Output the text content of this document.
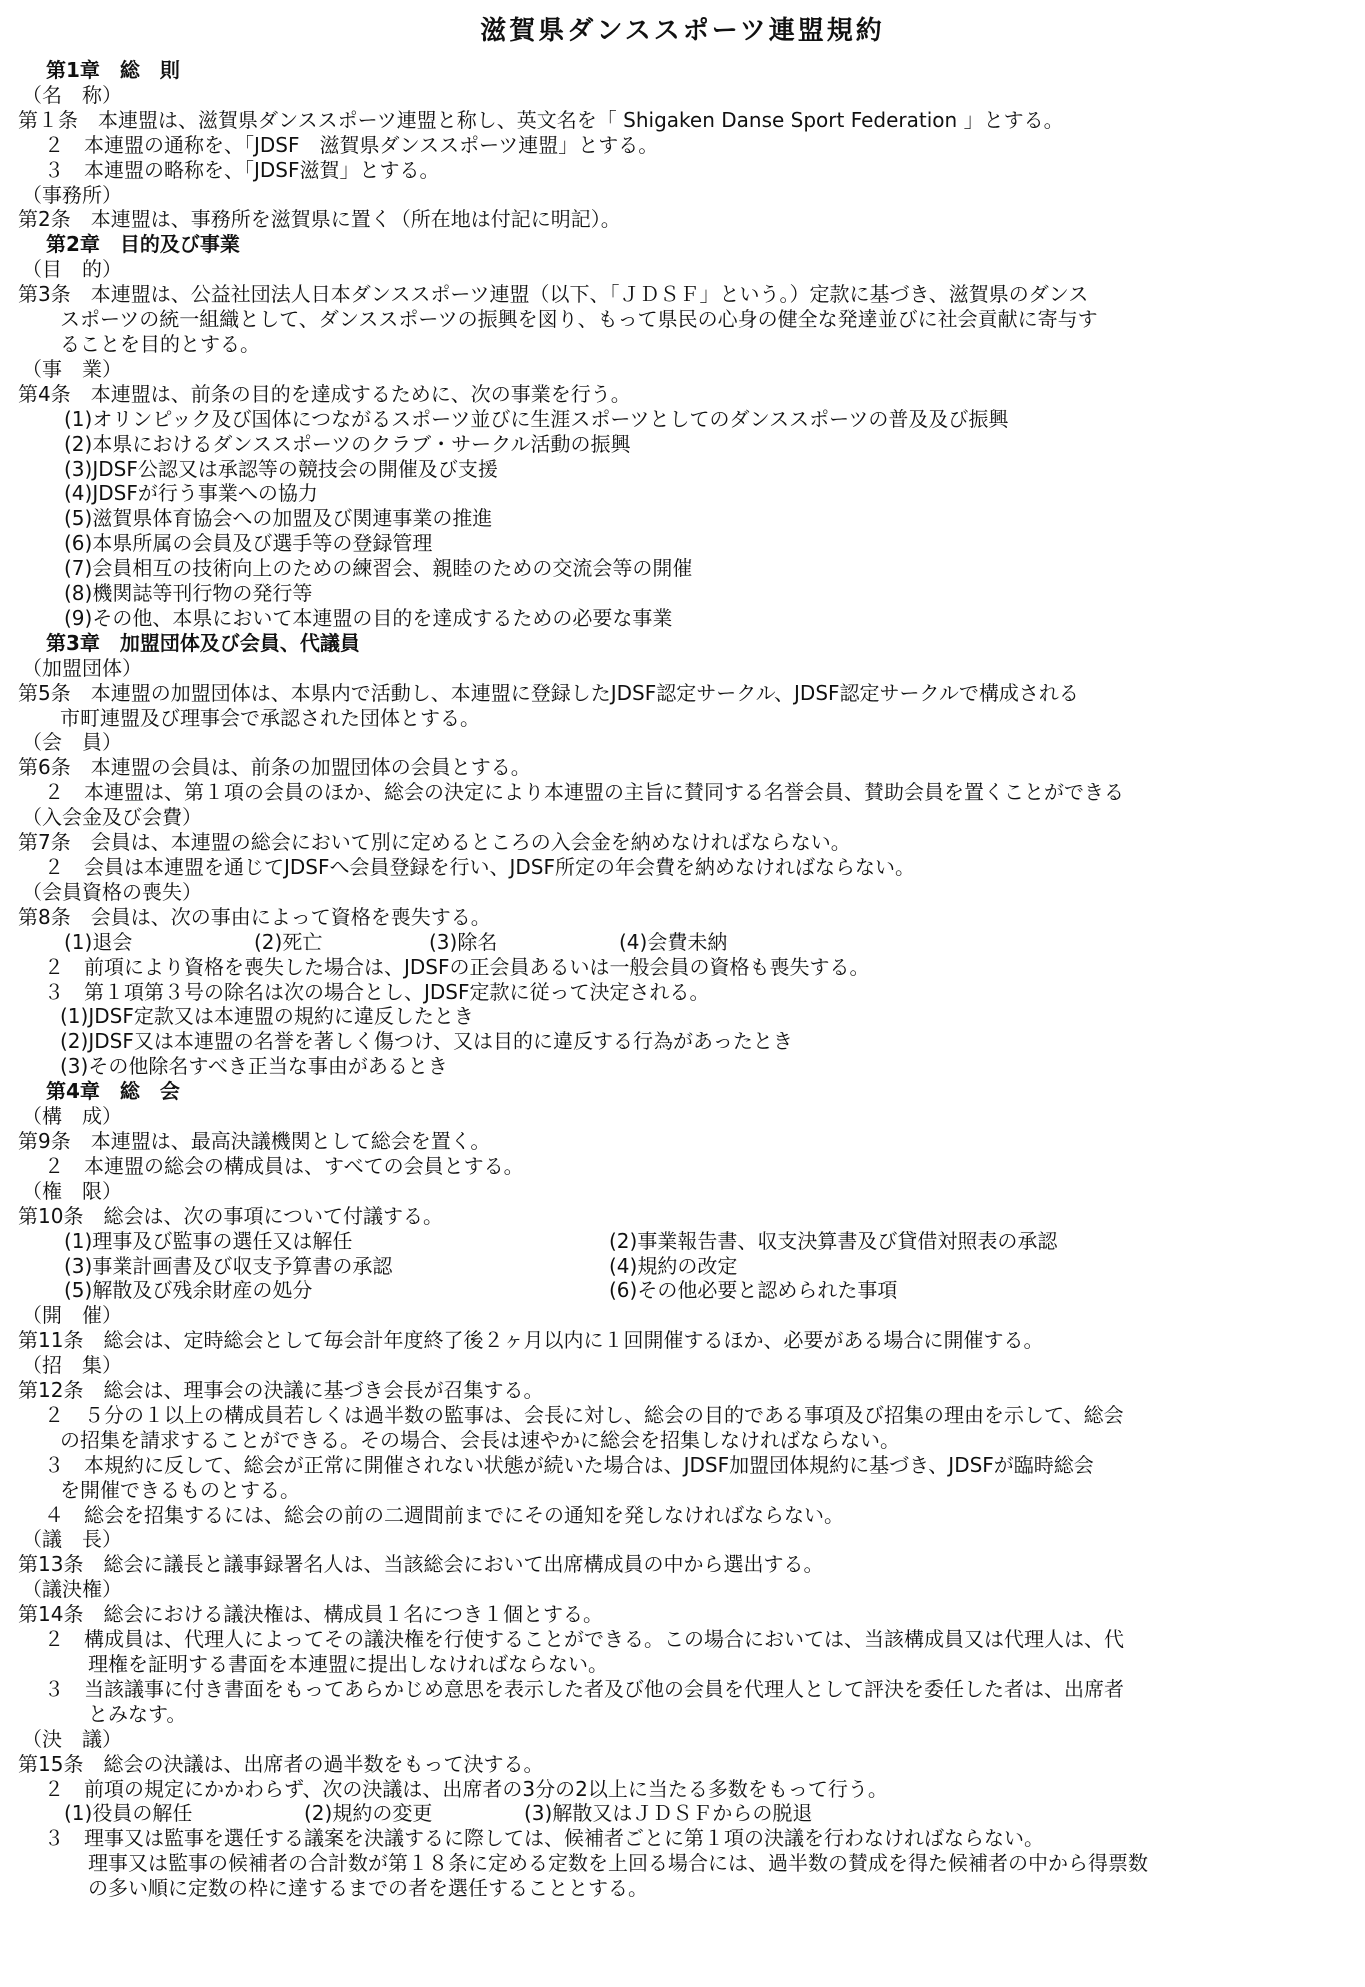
滋賀県ダンススポーツ連盟規約
第1章　総　則
（名　称）
第１条　本連盟は、滋賀県ダンススポーツ連盟と称し、英文名を「 Shigaken Danse Sport Federation 」とする。
２　本連盟の通称を、「JDSF　滋賀県ダンススポーツ連盟」とする。
３　本連盟の略称を、「JDSF滋賀」とする。
（事務所）
第2条　本連盟は、事務所を滋賀県に置く（所在地は付記に明記）。
第2章　目的及び事業
（目　的）
第3条　本連盟は、公益社団法人日本ダンススポーツ連盟（以下、「ＪＤＳＦ」という。）定款に基づき、滋賀県のダンス
スポーツの統一組織として、ダンススポーツの振興を図り、もって県民の心身の健全な発達並びに社会貢献に寄与す
ることを目的とする。
（事　業）
第4条　本連盟は、前条の目的を達成するために、次の事業を行う。
(1)オリンピック及び国体につながるスポーツ並びに生涯スポーツとしてのダンススポーツの普及及び振興
(2)本県におけるダンススポーツのクラブ・サークル活動の振興
(3)JDSF公認又は承認等の競技会の開催及び支援
(4)JDSFが行う事業への協力
(5)滋賀県体育協会への加盟及び関連事業の推進
(6)本県所属の会員及び選手等の登録管理
(7)会員相互の技術向上のための練習会、親睦のための交流会等の開催
(8)機関誌等刊行物の発行等
(9)その他、本県において本連盟の目的を達成するための必要な事業
第3章　加盟団体及び会員、代議員
（加盟団体）
第5条　本連盟の加盟団体は、本県内で活動し、本連盟に登録したJDSF認定サークル、JDSF認定サークルで構成される
市町連盟及び理事会で承認された団体とする。
（会　員）
第6条　本連盟の会員は、前条の加盟団体の会員とする。
２　本連盟は、第１項の会員のほか、総会の決定により本連盟の主旨に賛同する名誉会員、賛助会員を置くことができる
（入会金及び会費）
第7条　会員は、本連盟の総会において別に定めるところの入会金を納めなければならない。
２　会員は本連盟を通じてJDSFへ会員登録を行い、JDSF所定の年会費を納めなければならない。
（会員資格の喪失）
第8条　会員は、次の事由によって資格を喪失する。
(1)退会	(2)死亡	(3)除名	(4)会費未納
２　前項により資格を喪失した場合は、JDSFの正会員あるいは一般会員の資格も喪失する。
３　第１項第３号の除名は次の場合とし、JDSF定款に従って決定される。
(1)JDSF定款又は本連盟の規約に違反したとき
(2)JDSF又は本連盟の名誉を著しく傷つけ、又は目的に違反する行為があったとき
(3)その他除名すべき正当な事由があるとき
第4章　総　会
（構　成）
第9条　本連盟は、最高決議機関として総会を置く。
２　本連盟の総会の構成員は、すべての会員とする。
（権　限）
第10条　総会は、次の事項について付議する。
(1)理事及び監事の選任又は解任	(2)事業報告書、収支決算書及び貸借対照表の承認
(3)事業計画書及び収支予算書の承認	(4)規約の改定
(5)解散及び残余財産の処分	(6)その他必要と認められた事項
（開　催）
第11条　総会は、定時総会として毎会計年度終了後２ヶ月以内に１回開催するほか、必要がある場合に開催する。
（招　集）
第12条　総会は、理事会の決議に基づき会長が召集する。
２　５分の１以上の構成員若しくは過半数の監事は、会長に対し、総会の目的である事項及び招集の理由を示して、総会
の招集を請求することができる。その場合、会長は速やかに総会を招集しなければならない。
３　本規約に反して、総会が正常に開催されない状態が続いた場合は、JDSF加盟団体規約に基づき、JDSFが臨時総会
を開催できるものとする。
４　総会を招集するには、総会の前の二週間前までにその通知を発しなければならない。
（議　長）
第13条　総会に議長と議事録署名人は、当該総会において出席構成員の中から選出する。
（議決権）
第14条　総会における議決権は、構成員１名につき１個とする。
２　構成員は、代理人によってその議決権を行使することができる。この場合においては、当該構成員又は代理人は、代
理権を証明する書面を本連盟に提出しなければならない。
３　当該議事に付き書面をもってあらかじめ意思を表示した者及び他の会員を代理人として評決を委任した者は、出席者
とみなす。
（決　議）
第15条　総会の決議は、出席者の過半数をもって決する。
２　前項の規定にかかわらず、次の決議は、出席者の3分の2以上に当たる多数をもって行う。
(1)役員の解任	(2)規約の変更	(3)解散又はＪＤＳＦからの脱退
３　理事又は監事を選任する議案を決議するに際しては、候補者ごとに第１項の決議を行わなければならない。
理事又は監事の候補者の合計数が第１８条に定める定数を上回る場合には、過半数の賛成を得た候補者の中から得票数
の多い順に定数の枠に達するまでの者を選任することとする。
